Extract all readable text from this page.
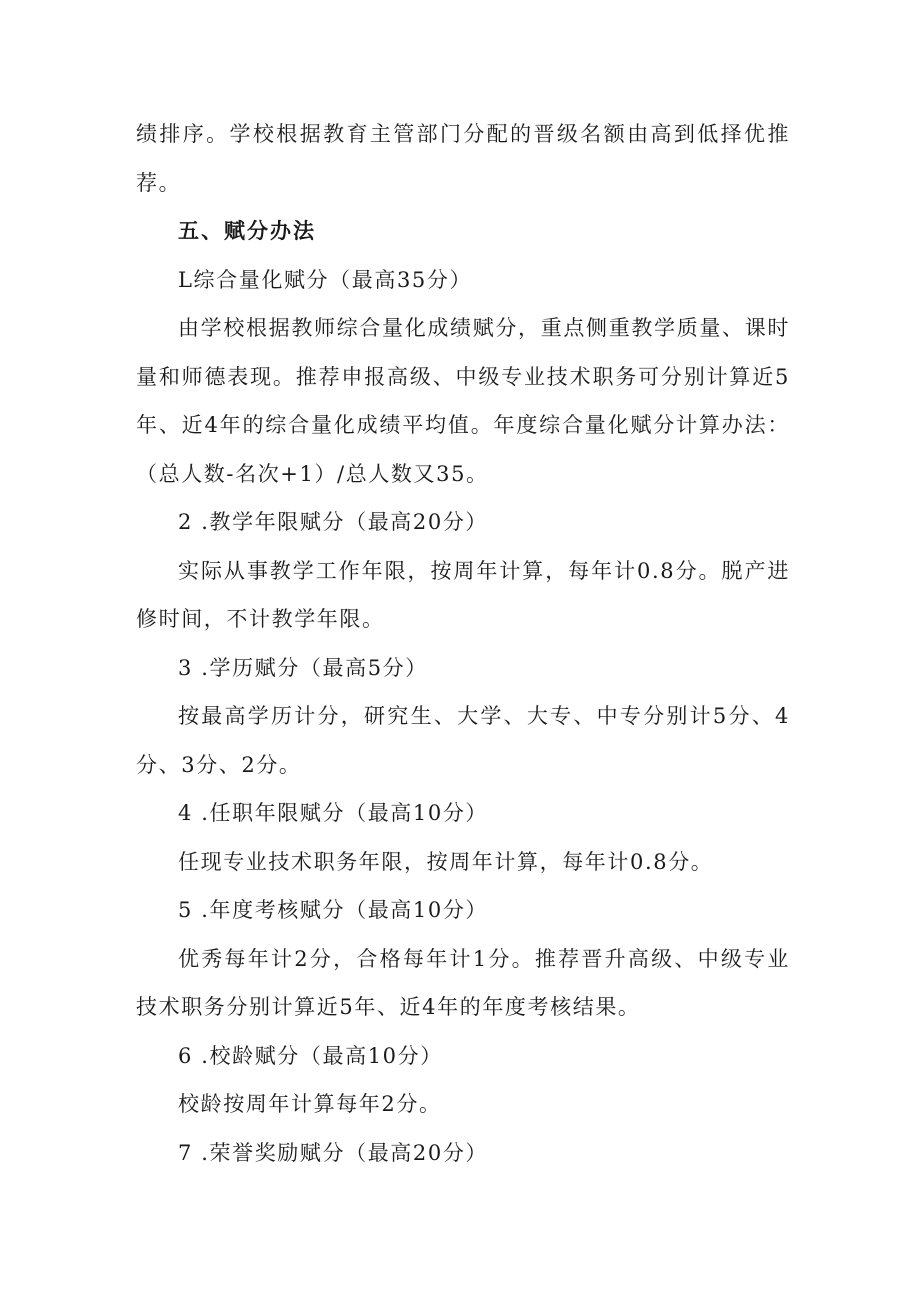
绩排序。学校根据教育主管部门分配的晋级名额由高到低择优推荐。

五、赋分办法

L综合量化赋分（最高35分）

由学校根据教师综合量化成绩赋分，重点侧重教学质量、课时量和师德表现。推荐申报高级、中级专业技术职务可分别计算近5年、近4年的综合量化成绩平均值。年度综合量化赋分计算办法：（总人数-名次+1）/总人数又35。

2 .教学年限赋分（最高20分）

实际从事教学工作年限，按周年计算，每年计0.8分。脱产进修时间，不计教学年限。

3 .学历赋分（最高5分）

按最高学历计分，研究生、大学、大专、中专分别计5分、4分、3分、2分。

4 .任职年限赋分（最高10分）

任现专业技术职务年限，按周年计算，每年计0.8分。

5 .年度考核赋分（最高10分）

优秀每年计2分，合格每年计1分。推荐晋升高级、中级专业技术职务分别计算近5年、近4年的年度考核结果。

6 .校龄赋分（最高10分）

校龄按周年计算每年2分。

7 .荣誉奖励赋分（最高20分）
